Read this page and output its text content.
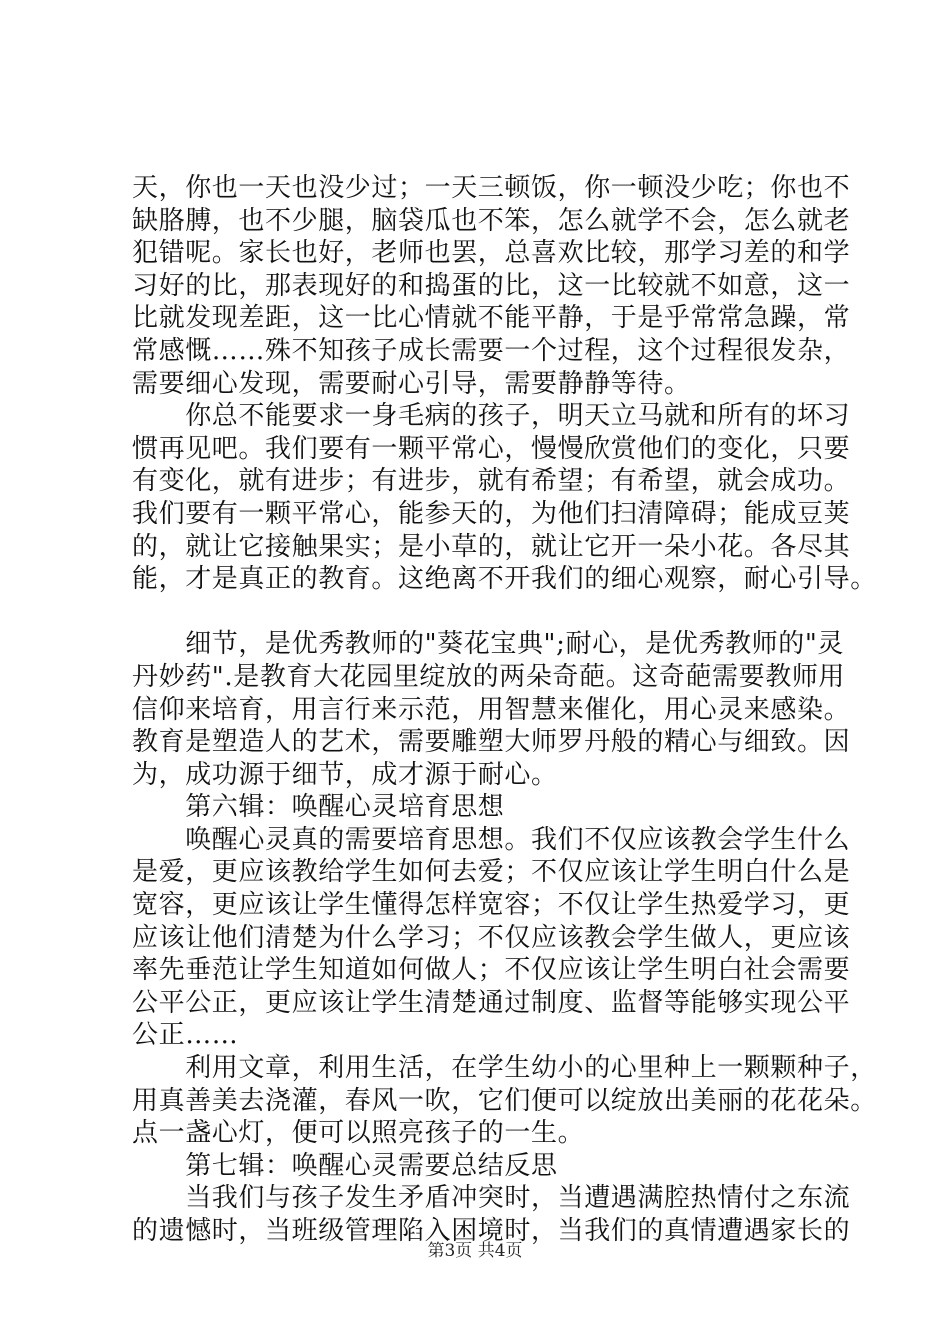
天，你也一天也没少过；一天三顿饭，你一顿没少吃；你也不
缺胳膊，也不少腿，脑袋瓜也不笨，怎么就学不会，怎么就老
犯错呢。家长也好，老师也罢，总喜欢比较，那学习差的和学
习好的比，那表现好的和捣蛋的比，这一比较就不如意，这一
比就发现差距，这一比心情就不能平静，于是乎常常急躁，常
常感慨……殊不知孩子成长需要一个过程，这个过程很发杂，
需要细心发现，需要耐心引导，需要静静等待。
　　你总不能要求一身毛病的孩子，明天立马就和所有的坏习
惯再见吧。我们要有一颗平常心，慢慢欣赏他们的变化，只要
有变化，就有进步；有进步，就有希望；有希望，就会成功。
我们要有一颗平常心，能参天的，为他们扫清障碍；能成豆荚
的，就让它接触果实；是小草的，就让它开一朵小花。各尽其
能，才是真正的教育。这绝离不开我们的细心观察，耐心引导。
　　细节，是优秀教师的"葵花宝典";耐心，是优秀教师的"灵
丹妙药".是教育大花园里绽放的两朵奇葩。这奇葩需要教师用
信仰来培育，用言行来示范，用智慧来催化，用心灵来感染。
教育是塑造人的艺术，需要雕塑大师罗丹般的精心与细致。因
为，成功源于细节，成才源于耐心。
　　第六辑：唤醒心灵培育思想
　　唤醒心灵真的需要培育思想。我们不仅应该教会学生什么
是爱，更应该教给学生如何去爱；不仅应该让学生明白什么是
宽容，更应该让学生懂得怎样宽容；不仅让学生热爱学习，更
应该让他们清楚为什么学习；不仅应该教会学生做人，更应该
率先垂范让学生知道如何做人；不仅应该让学生明白社会需要
公平公正，更应该让学生清楚通过制度、监督等能够实现公平
公正……
　　利用文章，利用生活，在学生幼小的心里种上一颗颗种子，
用真善美去浇灌，春风一吹，它们便可以绽放出美丽的花花朵。
点一盏心灯，便可以照亮孩子的一生。
　　第七辑：唤醒心灵需要总结反思
　　当我们与孩子发生矛盾冲突时，当遭遇满腔热情付之东流
的遗憾时，当班级管理陷入困境时，当我们的真情遭遇家长的
第3页 共4页
